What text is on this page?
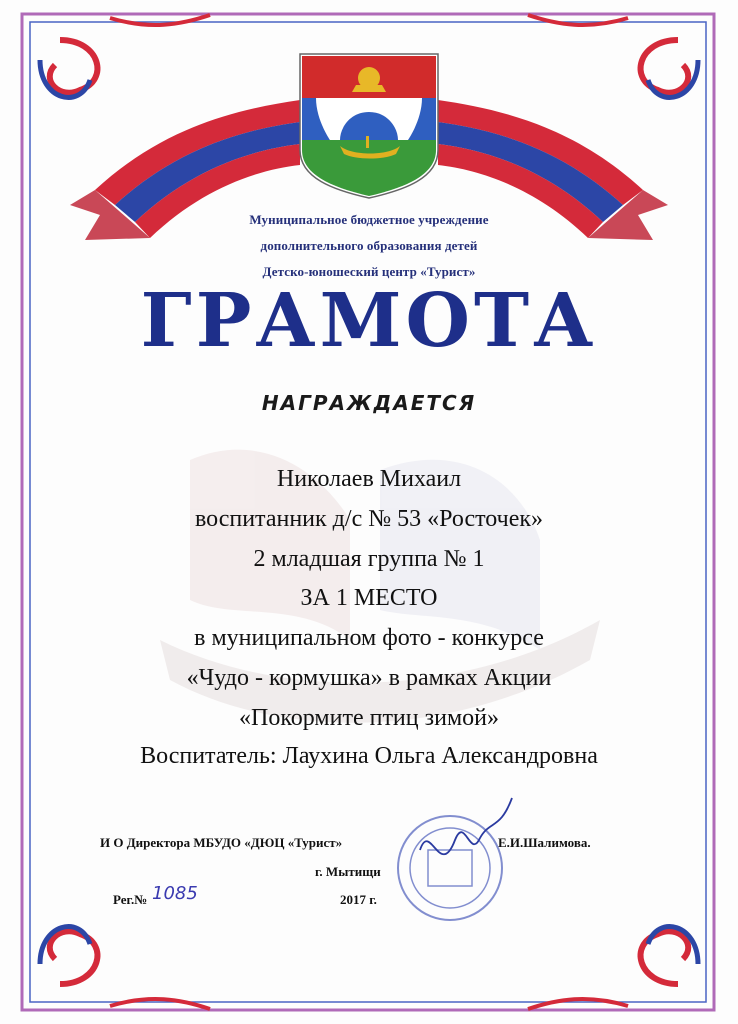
Муниципальное бюджетное учреждение
дополнительного образования детей
Детско-юношеский центр «Турист»
ГРАМОТА
НАГРАЖДАЕТСЯ
Николаев Михаил
воспитанник д/с № 53 «Росточек»
2 младшая группа № 1
ЗА 1 МЕСТО
в муниципальном фото - конкурсе
«Чудо - кормушка» в рамках Акции
«Покормите птиц зимой»
Воспитатель: Лаухина Ольга Александровна
И О Директора МБУДО «ДЮЦ «Турист»	Е.И.Шалимова.
г. Мытищи
Рег.№ 1085	2017 г.
